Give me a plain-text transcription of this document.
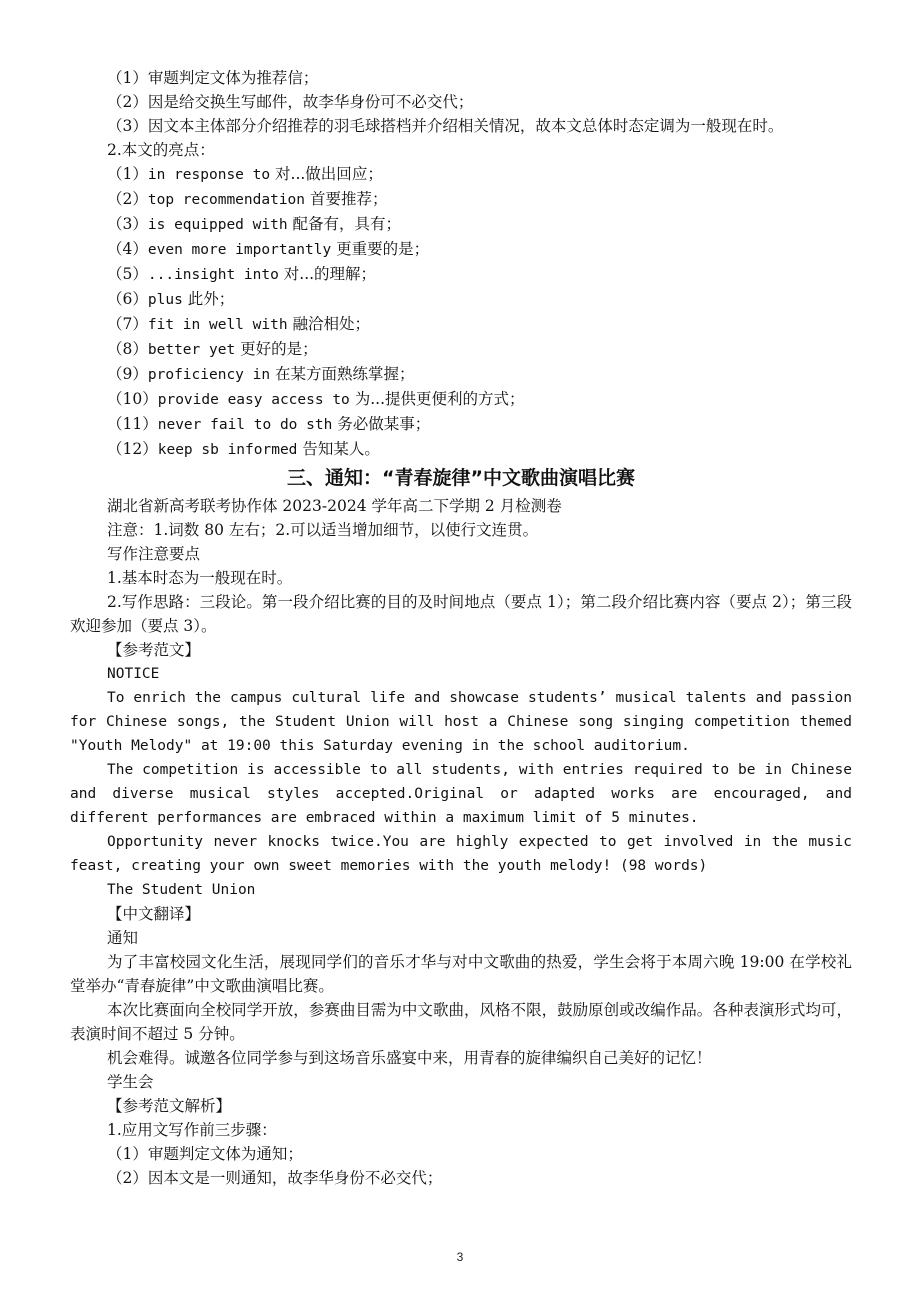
（1）审题判定文体为推荐信；
（2）因是给交换生写邮件，故李华身份可不必交代；
（3）因文本主体部分介绍推荐的羽毛球搭档并介绍相关情况，故本文总体时态定调为一般现在时。
2.本文的亮点：
（1）in response to 对...做出回应；
（2）top recommendation 首要推荐；
（3）is equipped with 配备有，具有；
（4）even more importantly 更重要的是；
（5）...insight into 对...的理解；
（6）plus 此外；
（7）fit in well with 融洽相处；
（8）better yet 更好的是；
（9）proficiency in 在某方面熟练掌握；
（10）provide easy access to 为...提供更便利的方式；
（11）never fail to do sth 务必做某事；
（12）keep sb informed 告知某人。
三、通知：“青春旋律”中文歌曲演唱比赛
湖北省新高考联考协作体 2023-2024 学年高二下学期 2 月检测卷
注意：1.词数 80 左右；2.可以适当增加细节，以使行文连贯。
写作注意要点
1.基本时态为一般现在时。
2.写作思路：三段论。第一段介绍比赛的目的及时间地点（要点 1）；第二段介绍比赛内容（要点 2）；第三段欢迎参加（要点 3）。
【参考范文】
NOTICE
To enrich the campus cultural life and showcase students’ musical talents and passion for Chinese songs, the Student Union will host a Chinese song singing competition themed "Youth Melody" at 19:00 this Saturday evening in the school auditorium.
The competition is accessible to all students, with entries required to be in Chinese and diverse musical styles accepted.Original or adapted works are encouraged, and different performances are embraced within a maximum limit of 5 minutes.
Opportunity never knocks twice.You are highly expected to get involved in the music feast, creating your own sweet memories with the youth melody! (98 words)
The Student Union
【中文翻译】
通知
为了丰富校园文化生活，展现同学们的音乐才华与对中文歌曲的热爱，学生会将于本周六晚 19:00 在学校礼堂举办“青春旋律”中文歌曲演唱比赛。
本次比赛面向全校同学开放，参赛曲目需为中文歌曲，风格不限，鼓励原创或改编作品。各种表演形式均可，表演时间不超过 5 分钟。
机会难得。诚邀各位同学参与到这场音乐盛宴中来，用青春的旋律编织自己美好的记忆！
学生会
【参考范文解析】
1.应用文写作前三步骤：
（1）审题判定文体为通知；
（2）因本文是一则通知，故李华身份不必交代；
3
